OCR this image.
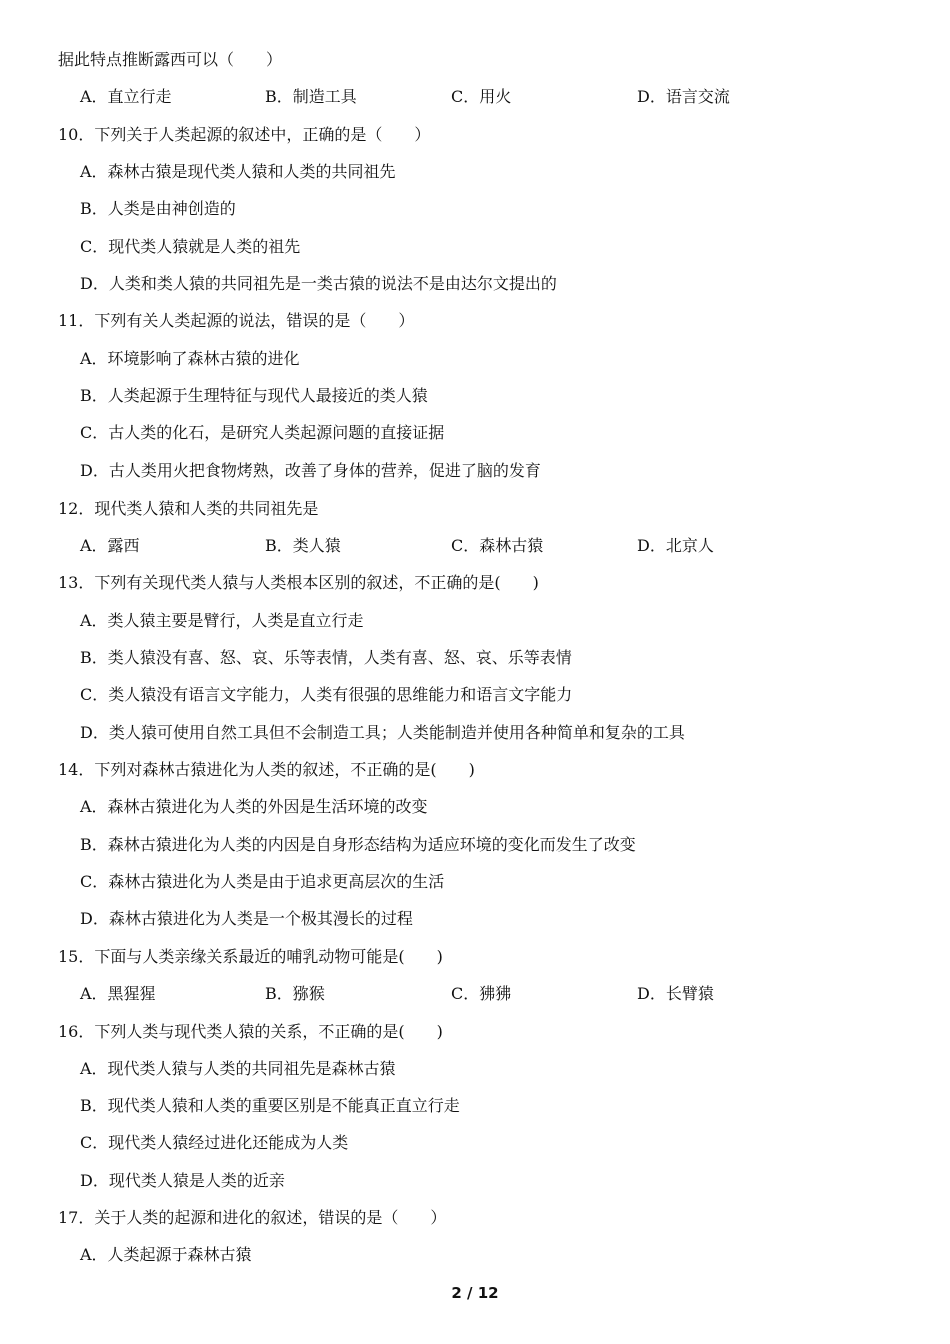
据此特点推断露西可以（　　）
A．直立行走	B．制造工具	C．用火	D．语言交流
10．下列关于人类起源的叙述中，正确的是（　　）
A．森林古猿是现代类人猿和人类的共同祖先
B．人类是由神创造的
C．现代类人猿就是人类的祖先
D．人类和类人猿的共同祖先是一类古猿的说法不是由达尔文提出的
11．下列有关人类起源的说法，错误的是（　　）
A．环境影响了森林古猿的进化
B．人类起源于生理特征与现代人最接近的类人猿
C．古人类的化石，是研究人类起源问题的直接证据
D．古人类用火把食物烤熟，改善了身体的营养，促进了脑的发育
12．现代类人猿和人类的共同祖先是
A．露西	B．类人猿	C．森林古猿	D．北京人
13．下列有关现代类人猿与人类根本区别的叙述，不正确的是(　　)
A．类人猿主要是臂行，人类是直立行走
B．类人猿没有喜、怒、哀、乐等表情，人类有喜、怒、哀、乐等表情
C．类人猿没有语言文字能力，人类有很强的思维能力和语言文字能力
D．类人猿可使用自然工具但不会制造工具；人类能制造并使用各种简单和复杂的工具
14．下列对森林古猿进化为人类的叙述，不正确的是(　　)
A．森林古猿进化为人类的外因是生活环境的改变
B．森林古猿进化为人类的内因是自身形态结构为适应环境的变化而发生了改变
C．森林古猿进化为人类是由于追求更高层次的生活
D．森林古猿进化为人类是一个极其漫长的过程
15．下面与人类亲缘关系最近的哺乳动物可能是(　　)
A．黑猩猩	B．猕猴	C．狒狒	D．长臂猿
16．下列人类与现代类人猿的关系，不正确的是(　　)
A．现代类人猿与人类的共同祖先是森林古猿
B．现代类人猿和人类的重要区别是不能真正直立行走
C．现代类人猿经过进化还能成为人类
D．现代类人猿是人类的近亲
17．关于人类的起源和进化的叙述，错误的是（　　）
A．人类起源于森林古猿
2 / 12
